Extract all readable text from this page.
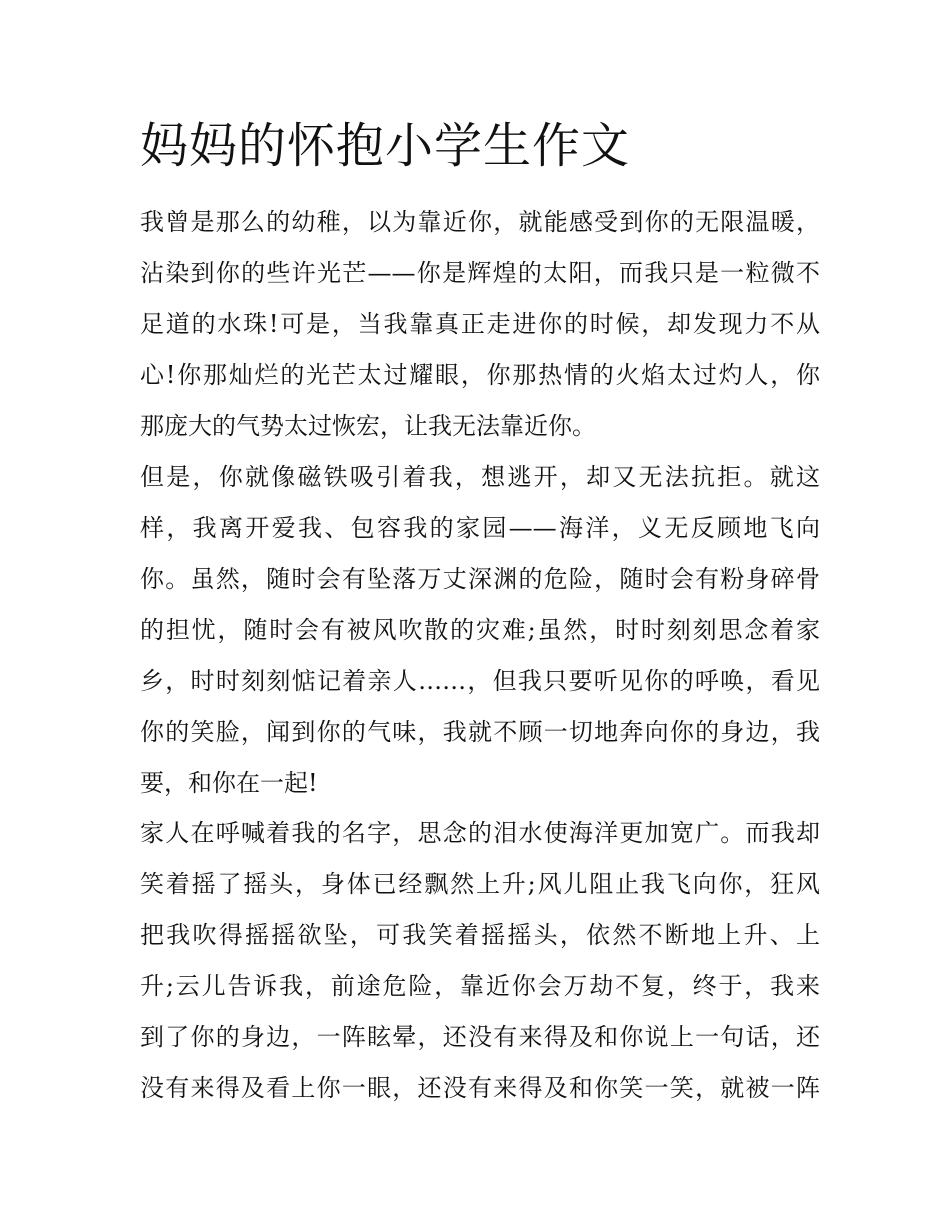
妈妈的怀抱小学生作文
我曾是那么的幼稚，以为靠近你，就能感受到你的无限温暖，
沾染到你的些许光芒——你是辉煌的太阳，而我只是一粒微不
足道的水珠!可是，当我靠真正走进你的时候，却发现力不从
心!你那灿烂的光芒太过耀眼，你那热情的火焰太过灼人，你
那庞大的气势太过恢宏，让我无法靠近你。
但是，你就像磁铁吸引着我，想逃开，却又无法抗拒。就这
样，我离开爱我、包容我的家园——海洋，义无反顾地飞向
你。虽然，随时会有坠落万丈深渊的危险，随时会有粉身碎骨
的担忧，随时会有被风吹散的灾难;虽然，时时刻刻思念着家
乡，时时刻刻惦记着亲人……，但我只要听见你的呼唤，看见
你的笑脸，闻到你的气味，我就不顾一切地奔向你的身边，我
要，和你在一起!
家人在呼喊着我的名字，思念的泪水使海洋更加宽广。而我却
笑着摇了摇头，身体已经飘然上升;风儿阻止我飞向你，狂风
把我吹得摇摇欲坠，可我笑着摇摇头，依然不断地上升、上
升;云儿告诉我，前途危险，靠近你会万劫不复，终于，我来
到了你的身边，一阵眩晕，还没有来得及和你说上一句话，还
没有来得及看上你一眼，还没有来得及和你笑一笑，就被一阵
